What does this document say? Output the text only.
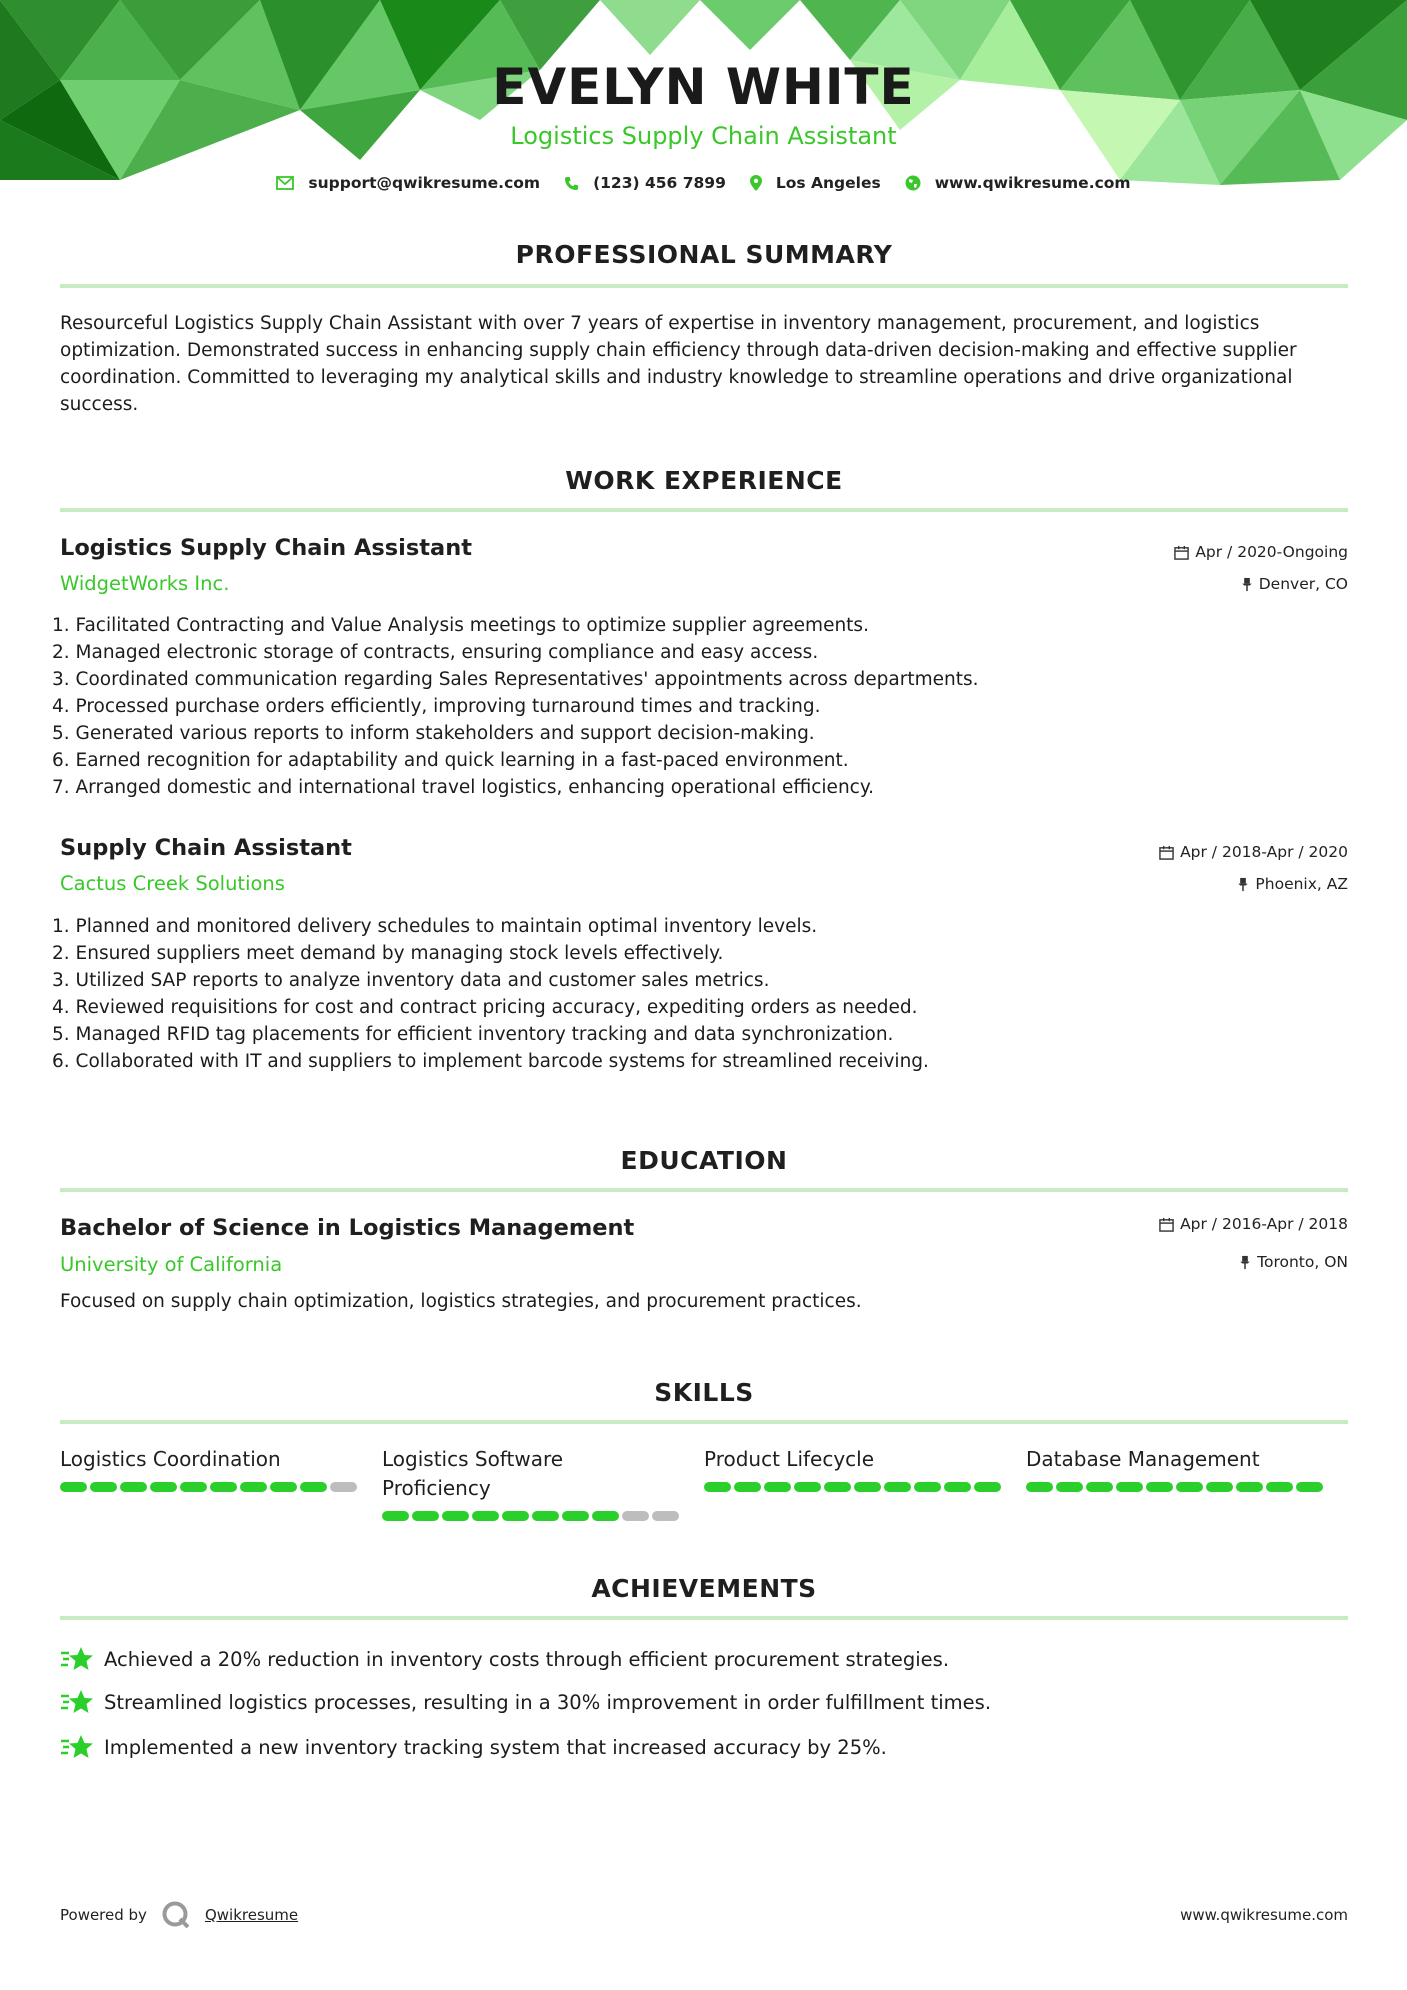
EVELYN WHITE
Logistics Supply Chain Assistant
support@qwikresume.com	(123) 456 7899	Los Angeles	www.qwikresume.com
PROFESSIONAL SUMMARY
Resourceful Logistics Supply Chain Assistant with over 7 years of expertise in inventory management, procurement, and logistics optimization. Demonstrated success in enhancing supply chain efficiency through data-driven decision-making and effective supplier coordination. Committed to leveraging my analytical skills and industry knowledge to streamline operations and drive organizational success.
WORK EXPERIENCE
Logistics Supply Chain Assistant
WidgetWorks Inc.
Apr / 2020-Ongoing
Denver, CO
1. Facilitated Contracting and Value Analysis meetings to optimize supplier agreements.
2. Managed electronic storage of contracts, ensuring compliance and easy access.
3. Coordinated communication regarding Sales Representatives' appointments across departments.
4. Processed purchase orders efficiently, improving turnaround times and tracking.
5. Generated various reports to inform stakeholders and support decision-making.
6. Earned recognition for adaptability and quick learning in a fast-paced environment.
7. Arranged domestic and international travel logistics, enhancing operational efficiency.
Supply Chain Assistant
Cactus Creek Solutions
Apr / 2018-Apr / 2020
Phoenix, AZ
1. Planned and monitored delivery schedules to maintain optimal inventory levels.
2. Ensured suppliers meet demand by managing stock levels effectively.
3. Utilized SAP reports to analyze inventory data and customer sales metrics.
4. Reviewed requisitions for cost and contract pricing accuracy, expediting orders as needed.
5. Managed RFID tag placements for efficient inventory tracking and data synchronization.
6. Collaborated with IT and suppliers to implement barcode systems for streamlined receiving.
EDUCATION
Bachelor of Science in Logistics Management
University of California
Apr / 2016-Apr / 2018
Toronto, ON
Focused on supply chain optimization, logistics strategies, and procurement practices.
SKILLS
Logistics Coordination	Logistics Software Proficiency
Product Lifecycle	Database Management
ACHIEVEMENTS
Achieved a 20% reduction in inventory costs through efficient procurement strategies.
Streamlined logistics processes, resulting in a 30% improvement in order fulfillment times.
Implemented a new inventory tracking system that increased accuracy by 25%.
Powered by	Qwikresume	www.qwikresume.com
